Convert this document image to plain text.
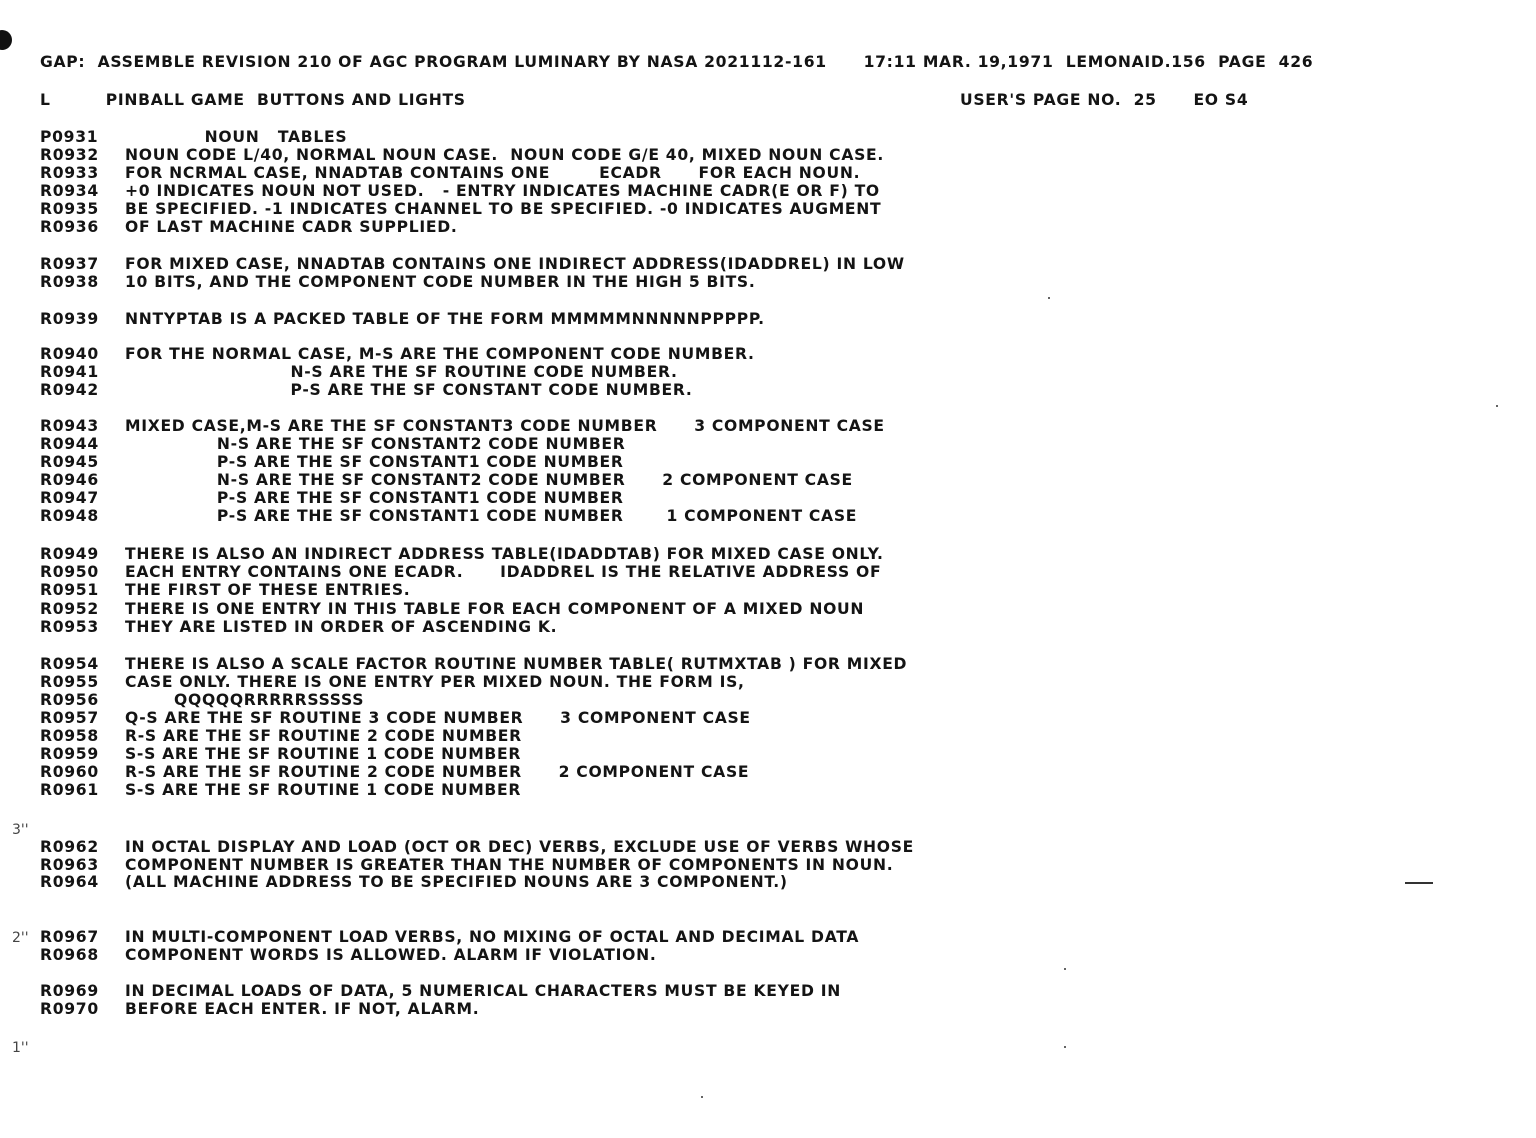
GAP:  ASSEMBLE REVISION 210 OF AGC PROGRAM LUMINARY BY NASA 2021112-161      17:11 MAR. 19,1971  LEMONAID.156  PAGE  426
L         PINBALL GAME  BUTTONS AND LIGHTS	USER'S PAGE NO.  25      EO S4
P0931 NOUN   TABLES
R0932 NOUN CODE L/40, NORMAL NOUN CASE.  NOUN CODE G/E 40, MIXED NOUN CASE.
R0933 FOR NCRMAL CASE, NNADTAB CONTAINS ONE        ECADR      FOR EACH NOUN.
R0934 +0 INDICATES NOUN NOT USED.   - ENTRY INDICATES MACHINE CADR(E OR F) TO
R0935 BE SPECIFIED. -1 INDICATES CHANNEL TO BE SPECIFIED. -0 INDICATES AUGMENT
R0936 OF LAST MACHINE CADR SUPPLIED.
R0937 FOR MIXED CASE, NNADTAB CONTAINS ONE INDIRECT ADDRESS(IDADDREL) IN LOW
R0938 10 BITS, AND THE COMPONENT CODE NUMBER IN THE HIGH 5 BITS.
R0939 NNTYPTAB IS A PACKED TABLE OF THE FORM MMMMMNNNNNPPPPP.
R0940 FOR THE NORMAL CASE, M-S ARE THE COMPONENT CODE NUMBER.
R0941 N-S ARE THE SF ROUTINE CODE NUMBER.
R0942 P-S ARE THE SF CONSTANT CODE NUMBER.
R0943 MIXED CASE,M-S ARE THE SF CONSTANT3 CODE NUMBER      3 COMPONENT CASE
R0944 N-S ARE THE SF CONSTANT2 CODE NUMBER
R0945 P-S ARE THE SF CONSTANT1 CODE NUMBER
R0946 N-S ARE THE SF CONSTANT2 CODE NUMBER      2 COMPONENT CASE
R0947 P-S ARE THE SF CONSTANT1 CODE NUMBER
R0948 P-S ARE THE SF CONSTANT1 CODE NUMBER       1 COMPONENT CASE
R0949 THERE IS ALSO AN INDIRECT ADDRESS TABLE(IDADDTAB) FOR MIXED CASE ONLY.
R0950 EACH ENTRY CONTAINS ONE ECADR.      IDADDREL IS THE RELATIVE ADDRESS OF
R0951 THE FIRST OF THESE ENTRIES.
R0952 THERE IS ONE ENTRY IN THIS TABLE FOR EACH COMPONENT OF A MIXED NOUN
R0953 THEY ARE LISTED IN ORDER OF ASCENDING K.
R0954 THERE IS ALSO A SCALE FACTOR ROUTINE NUMBER TABLE( RUTMXTAB ) FOR MIXED
R0955 CASE ONLY. THERE IS ONE ENTRY PER MIXED NOUN. THE FORM IS,
R0956 QQQQQRRRRRSSSSS
R0957 Q-S ARE THE SF ROUTINE 3 CODE NUMBER      3 COMPONENT CASE
R0958 R-S ARE THE SF ROUTINE 2 CODE NUMBER
R0959 S-S ARE THE SF ROUTINE 1 CODE NUMBER
R0960 R-S ARE THE SF ROUTINE 2 CODE NUMBER      2 COMPONENT CASE
R0961 S-S ARE THE SF ROUTINE 1 CODE NUMBER
R0962 IN OCTAL DISPLAY AND LOAD (OCT OR DEC) VERBS, EXCLUDE USE OF VERBS WHOSE
R0963 COMPONENT NUMBER IS GREATER THAN THE NUMBER OF COMPONENTS IN NOUN.
R0964 (ALL MACHINE ADDRESS TO BE SPECIFIED NOUNS ARE 3 COMPONENT.)
R0967 IN MULTI-COMPONENT LOAD VERBS, NO MIXING OF OCTAL AND DECIMAL DATA
R0968 COMPONENT WORDS IS ALLOWED. ALARM IF VIOLATION.
R0969 IN DECIMAL LOADS OF DATA, 5 NUMERICAL CHARACTERS MUST BE KEYED IN
R0970 BEFORE EACH ENTER. IF NOT, ALARM.
3''
2''
1''
